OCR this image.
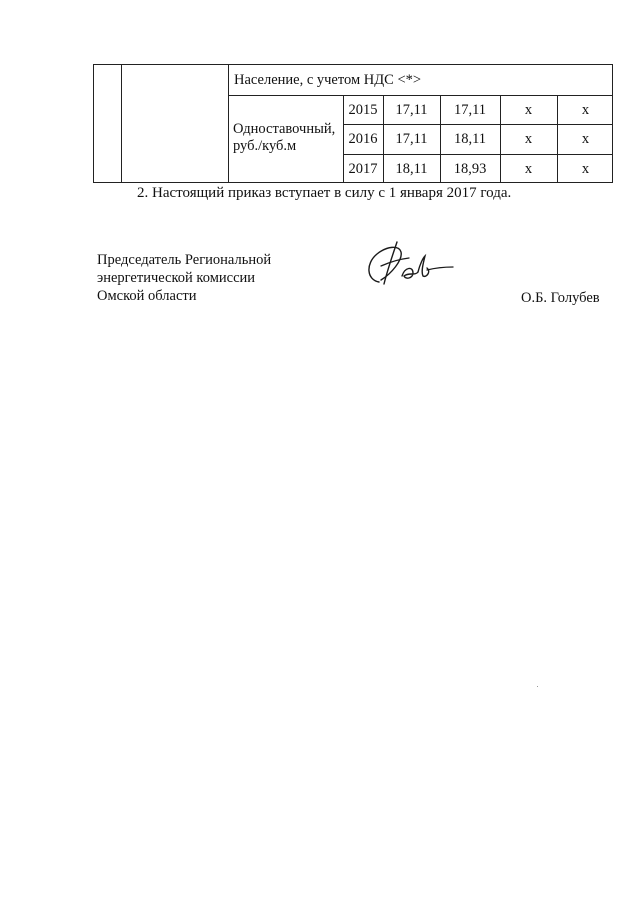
Население, с учетом НДС <*>
Одноставочный,
руб./куб.м
2015	17,11	17,11	x	x
2016	17,11	18,11	x	x
2017	18,11	18,93	x	x
2. Настоящий приказ вступает в силу с 1 января 2017 года.
Председатель Региональной
энергетической комиссии
Омской области	О.Б. Голубев
